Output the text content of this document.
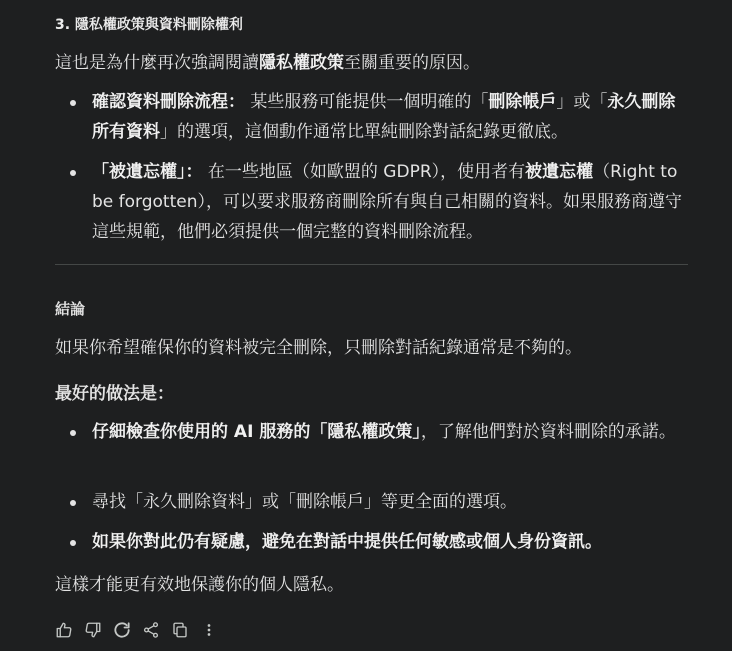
3. 隱私權政策與資料刪除權利
這也是為什麼再次強調閱讀隱私權政策至關重要的原因。
確認資料刪除流程： 某些服務可能提供一個明確的「刪除帳戶」或「永久刪除所有資料」的選項，這個動作通常比單純刪除對話紀錄更徹底。
「被遺忘權」： 在一些地區（如歐盟的 GDPR），使用者有被遺忘權（Right to be forgotten），可以要求服務商刪除所有與自己相關的資料。如果服務商遵守這些規範，他們必須提供一個完整的資料刪除流程。
結論
如果你希望確保你的資料被完全刪除，只刪除對話紀錄通常是不夠的。
最好的做法是：
仔細檢查你使用的 AI 服務的「隱私權政策」，了解他們對於資料刪除的承諾。
尋找「永久刪除資料」或「刪除帳戶」等更全面的選項。
如果你對此仍有疑慮，避免在對話中提供任何敏感或個人身份資訊。
這樣才能更有效地保護你的個人隱私。
